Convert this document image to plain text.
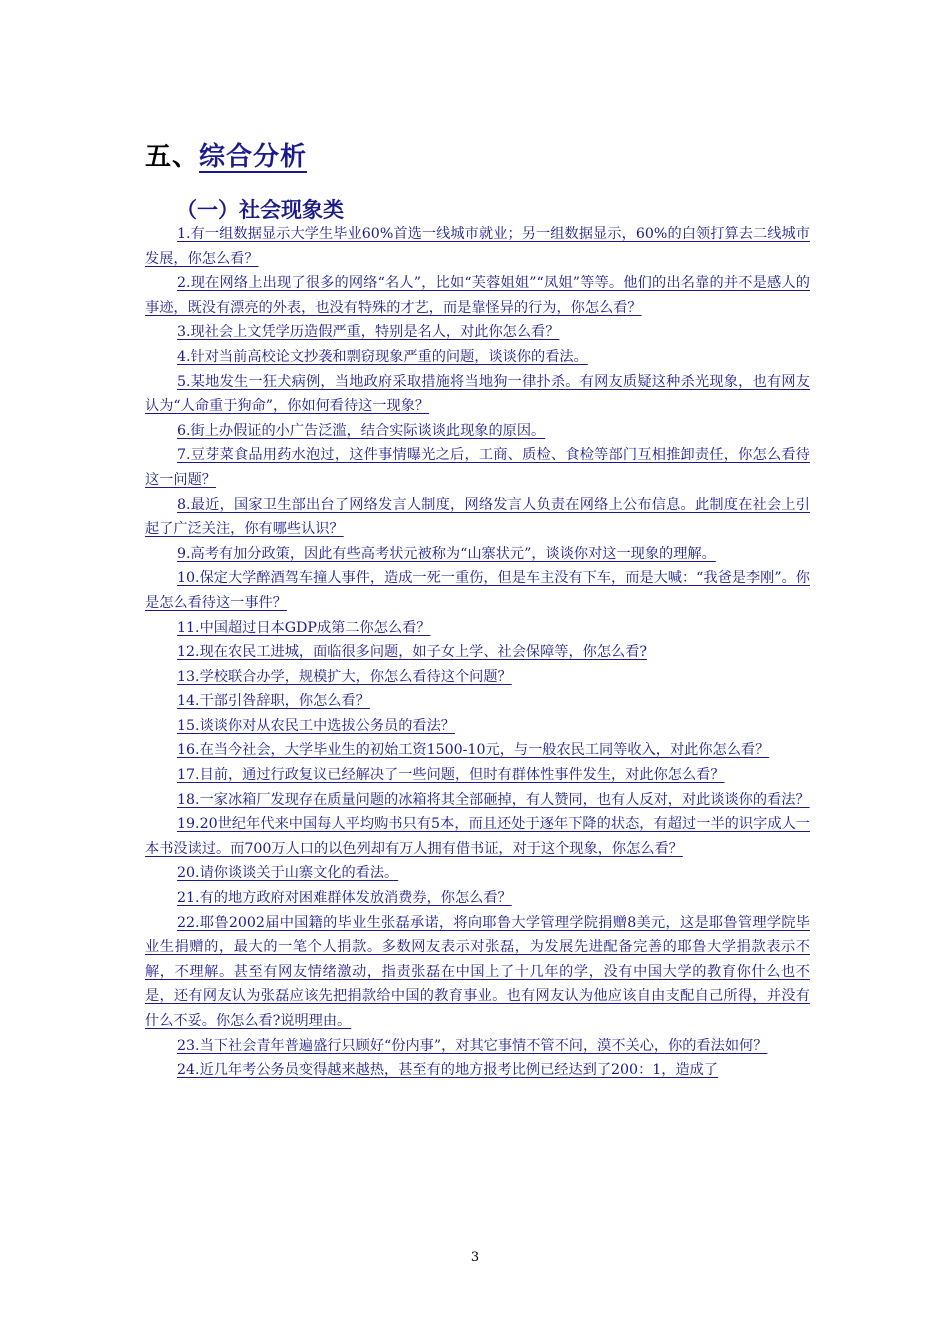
五、综合分析
（一）社会现象类
1.有一组数据显示大学生毕业60%首选一线城市就业；另一组数据显示，60%的白领打算去二线城市发展，你怎么看？
2.现在网络上出现了很多的网络“名人”，比如“芙蓉姐姐”“凤姐”等等。他们的出名靠的并不是感人的事迹，既没有漂亮的外表，也没有特殊的才艺，而是靠怪异的行为，你怎么看？
3.现社会上文凭学历造假严重，特别是名人，对此你怎么看？
4.针对当前高校论文抄袭和剽窃现象严重的问题，谈谈你的看法。
5.某地发生一狂犬病例，当地政府采取措施将当地狗一律扑杀。有网友质疑这种杀光现象，也有网友认为“人命重于狗命”，你如何看待这一现象？
6.街上办假证的小广告泛滥，结合实际谈谈此现象的原因。
7.豆芽菜食品用药水泡过，这件事情曝光之后，工商、质检、食检等部门互相推卸责任，你怎么看待这一问题？
8.最近，国家卫生部出台了网络发言人制度，网络发言人负责在网络上公布信息。此制度在社会上引起了广泛关注，你有哪些认识？
9.高考有加分政策，因此有些高考状元被称为“山寨状元”，谈谈你对这一现象的理解。
10.保定大学醉酒驾车撞人事件，造成一死一重伤，但是车主没有下车，而是大喊：“我爸是李刚”。你是怎么看待这一事件？
11.中国超过日本GDP成第二你怎么看？
12.现在农民工进城，面临很多问题，如子女上学、社会保障等，你怎么看?
13.学校联合办学，规模扩大，你怎么看待这个问题？
14.干部引咎辞职，你怎么看？
15.谈谈你对从农民工中选拔公务员的看法？
16.在当今社会，大学毕业生的初始工资1500-10元，与一般农民工同等收入，对此你怎么看？
17.目前，通过行政复议已经解决了一些问题，但时有群体性事件发生，对此你怎么看？
18.一家冰箱厂发现存在质量问题的冰箱将其全部砸掉，有人赞同，也有人反对，对此谈谈你的看法？
19.20世纪年代来中国每人平均购书只有5本，而且还处于逐年下降的状态，有超过一半的识字成人一本书没读过。而700万人口的以色列却有万人拥有借书证，对于这个现象，你怎么看？
20.请你谈谈关于山寨文化的看法。
21.有的地方政府对困难群体发放消费券，你怎么看？
22.耶鲁2002届中国籍的毕业生张磊承诺，将向耶鲁大学管理学院捐赠8美元，这是耶鲁管理学院毕业生捐赠的，最大的一笔个人捐款。多数网友表示对张磊，为发展先进配备完善的耶鲁大学捐款表示不解，不理解。甚至有网友情绪激动，指责张磊在中国上了十几年的学，没有中国大学的教育你什么也不是，还有网友认为张磊应该先把捐款给中国的教育事业。也有网友认为他应该自由支配自己所得，并没有什么不妥。你怎么看?说明理由。
23.当下社会青年普遍盛行只顾好“份内事”，对其它事情不管不问，漠不关心，你的看法如何？
24.近几年考公务员变得越来越热，甚至有的地方报考比例已经达到了200：1，造成了
3
